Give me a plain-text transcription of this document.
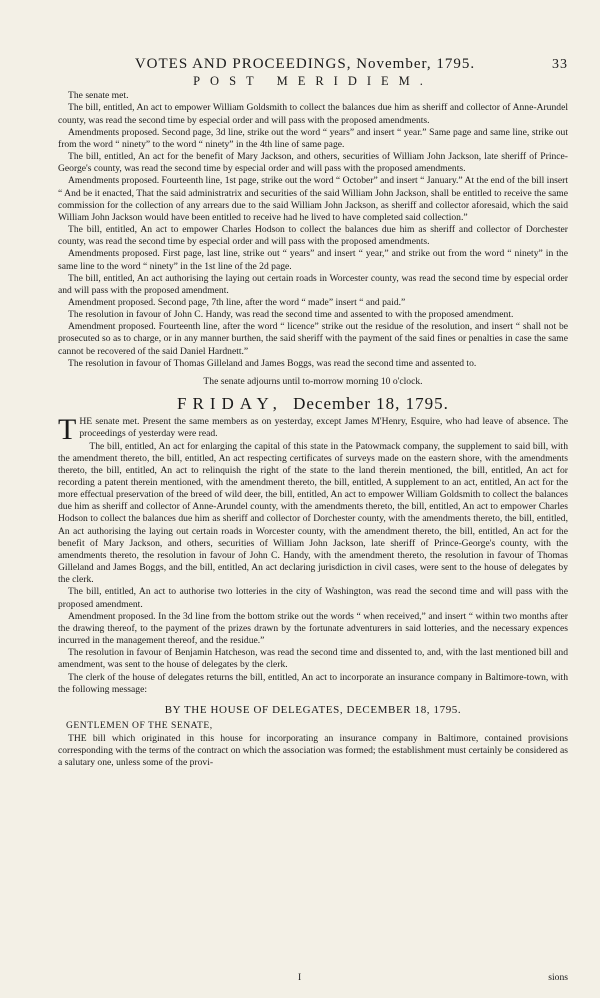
VOTES AND PROCEEDINGS, November, 1795.	33
POST MERIDIEM.

The senate met.

The bill, entitled, An act to empower William Goldsmith to collect the balances due him as sheriff and collector of Anne-Arundel county, was read the second time by especial order and will pass with the proposed amendments.

Amendments proposed. Second page, 3d line, strike out the word “ years” and insert “ year.” Same page and same line, strike out from the word “ ninety” to the word “ ninety” in the 4th line of same page.

The bill, entitled, An act for the benefit of Mary Jackson, and others, securities of William John Jackson, late sheriff of Prince-George's county, was read the second time by especial order and will pass with the proposed amendments.

Amendments proposed. Fourteenth line, 1st page, strike out the word “ October” and insert “ January.” At the end of the bill insert “ And be it enacted, That the said administratrix and securities of the said William John Jackson, shall be entitled to receive the same commission for the collection of any arrears due to the said William John Jackson, as sheriff and collector aforesaid, which the said William John Jackson would have been entitled to receive had he lived to have completed said collection.”

The bill, entitled, An act to empower Charles Hodson to collect the balances due him as sheriff and collector of Dorchester county, was read the second time by especial order and will pass with the proposed amendments.

Amendments proposed. First page, last line, strike out “ years” and insert “ year,” and strike out from the word “ ninety” in the same line to the word “ ninety” in the 1st line of the 2d page.

The bill, entitled, An act authorising the laying out certain roads in Worcester county, was read the second time by especial order and will pass with the proposed amendment.

Amendment proposed. Second page, 7th line, after the word “ made” insert “ and paid.”

The resolution in favour of John C. Handy, was read the second time and assented to with the proposed amendment.

Amendment proposed. Fourteenth line, after the word “ licence” strike out the residue of the resolution, and insert “ shall not be prosecuted so as to charge, or in any manner burthen, the said sheriff with the payment of the said fines or penalties in case the same cannot be recovered of the said Daniel Hardnett.”

The resolution in favour of Thomas Gilleland and James Boggs, was read the second time and assented to.

The senate adjourns until to-morrow morning 10 o'clock.

FRIDAY, December 18, 1795.

T HE senate met. Present the same members as on yesterday, except James M'Henry, Esquire, who had leave of absence. The proceedings of yesterday were read.

The bill, entitled, An act for enlarging the capital of this state in the Patowmack company, the supplement to said bill, with the amendment thereto, the bill, entitled, An act respecting certificates of surveys made on the eastern shore, with the amendments thereto, the bill, entitled, An act to relinquish the right of the state to the land therein mentioned, the bill, entitled, An act for recording a patent therein mentioned, with the amendment thereto, the bill, entitled, A supplement to an act, entitled, An act for the more effectual preservation of the breed of wild deer, the bill, entitled, An act to empower William Goldsmith to collect the balances due him as sheriff and collector of Anne-Arundel county, with the amendments thereto, the bill, entitled, An act to empower Charles Hodson to collect the balances due him as sheriff and collector of Dorchester county, with the amendments thereto, the bill, entitled, An act authorising the laying out certain roads in Worcester county, with the amendment thereto, the bill, entitled, An act for the benefit of Mary Jackson, and others, securities of William John Jackson, late sheriff of Prince-George's county, with the amendments thereto, the resolution in favour of John C. Handy, with the amendment thereto, the resolution in favour of Thomas Gilleland and James Boggs, and the bill, entitled, An act declaring jurisdiction in civil cases, were sent to the house of delegates by the clerk.

The bill, entitled, An act to authorise two lotteries in the city of Washington, was read the second time and will pass with the proposed amendment.

Amendment proposed. In the 3d line from the bottom strike out the words “ when received,” and insert “ within two months after the drawing thereof, to the payment of the prizes drawn by the fortunate adventurers in said lotteries, and the necessary expences incurred in the management thereof, and the residue.”

The resolution in favour of Benjamin Hatcheson, was read the second time and dissented to, and, with the last mentioned bill and amendment, was sent to the house of delegates by the clerk.

The clerk of the house of delegates returns the bill, entitled, An act to incorporate an insurance company in Baltimore-town, with the following message:

BY THE HOUSE OF DELEGATES, DECEMBER 18, 1795.

GENTLEMEN OF THE SENATE,

THE bill which originated in this house for incorporating an insurance company in Baltimore, contained provisions corresponding with the terms of the contract on which the association was formed; the establishment must certainly be considered as a salutary one, unless some of the provi-

I	sions
